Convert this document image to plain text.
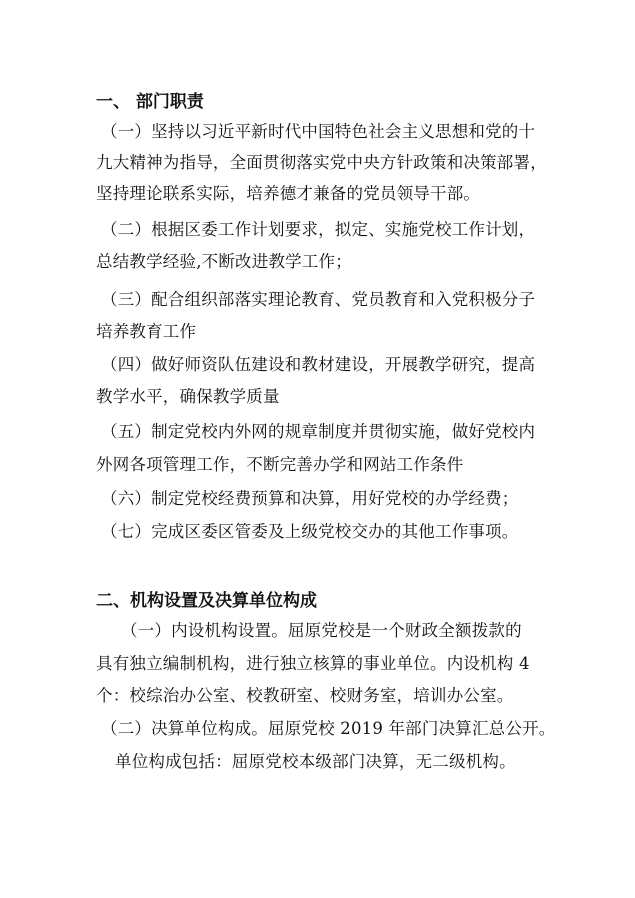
一、 部门职责
（一）坚持以习近平新时代中国特色社会主义思想和党的十
九大精神为指导，全面贯彻落实党中央方针政策和决策部署，
坚持理论联系实际，培养德才兼备的党员领导干部。
（二）根据区委工作计划要求，拟定、实施党校工作计划，
总结教学经验,不断改进教学工作；
（三）配合组织部落实理论教育、党员教育和入党积极分子
培养教育工作
（四）做好师资队伍建设和教材建设，开展教学研究，提高
教学水平，确保教学质量
（五）制定党校内外网的规章制度并贯彻实施，做好党校内
外网各项管理工作，不断完善办学和网站工作条件
（六）制定党校经费预算和决算，用好党校的办学经费；
（七）完成区委区管委及上级党校交办的其他工作事项。
二、机构设置及决算单位构成
（一）内设机构设置。屈原党校是一个财政全额拨款的
具有独立编制机构，进行独立核算的事业单位。内设机构 4
个：校综治办公室、校教研室、校财务室，培训办公室。
（二）决算单位构成。屈原党校 2019 年部门决算汇总公开。
单位构成包括：屈原党校本级部门决算，无二级机构。
